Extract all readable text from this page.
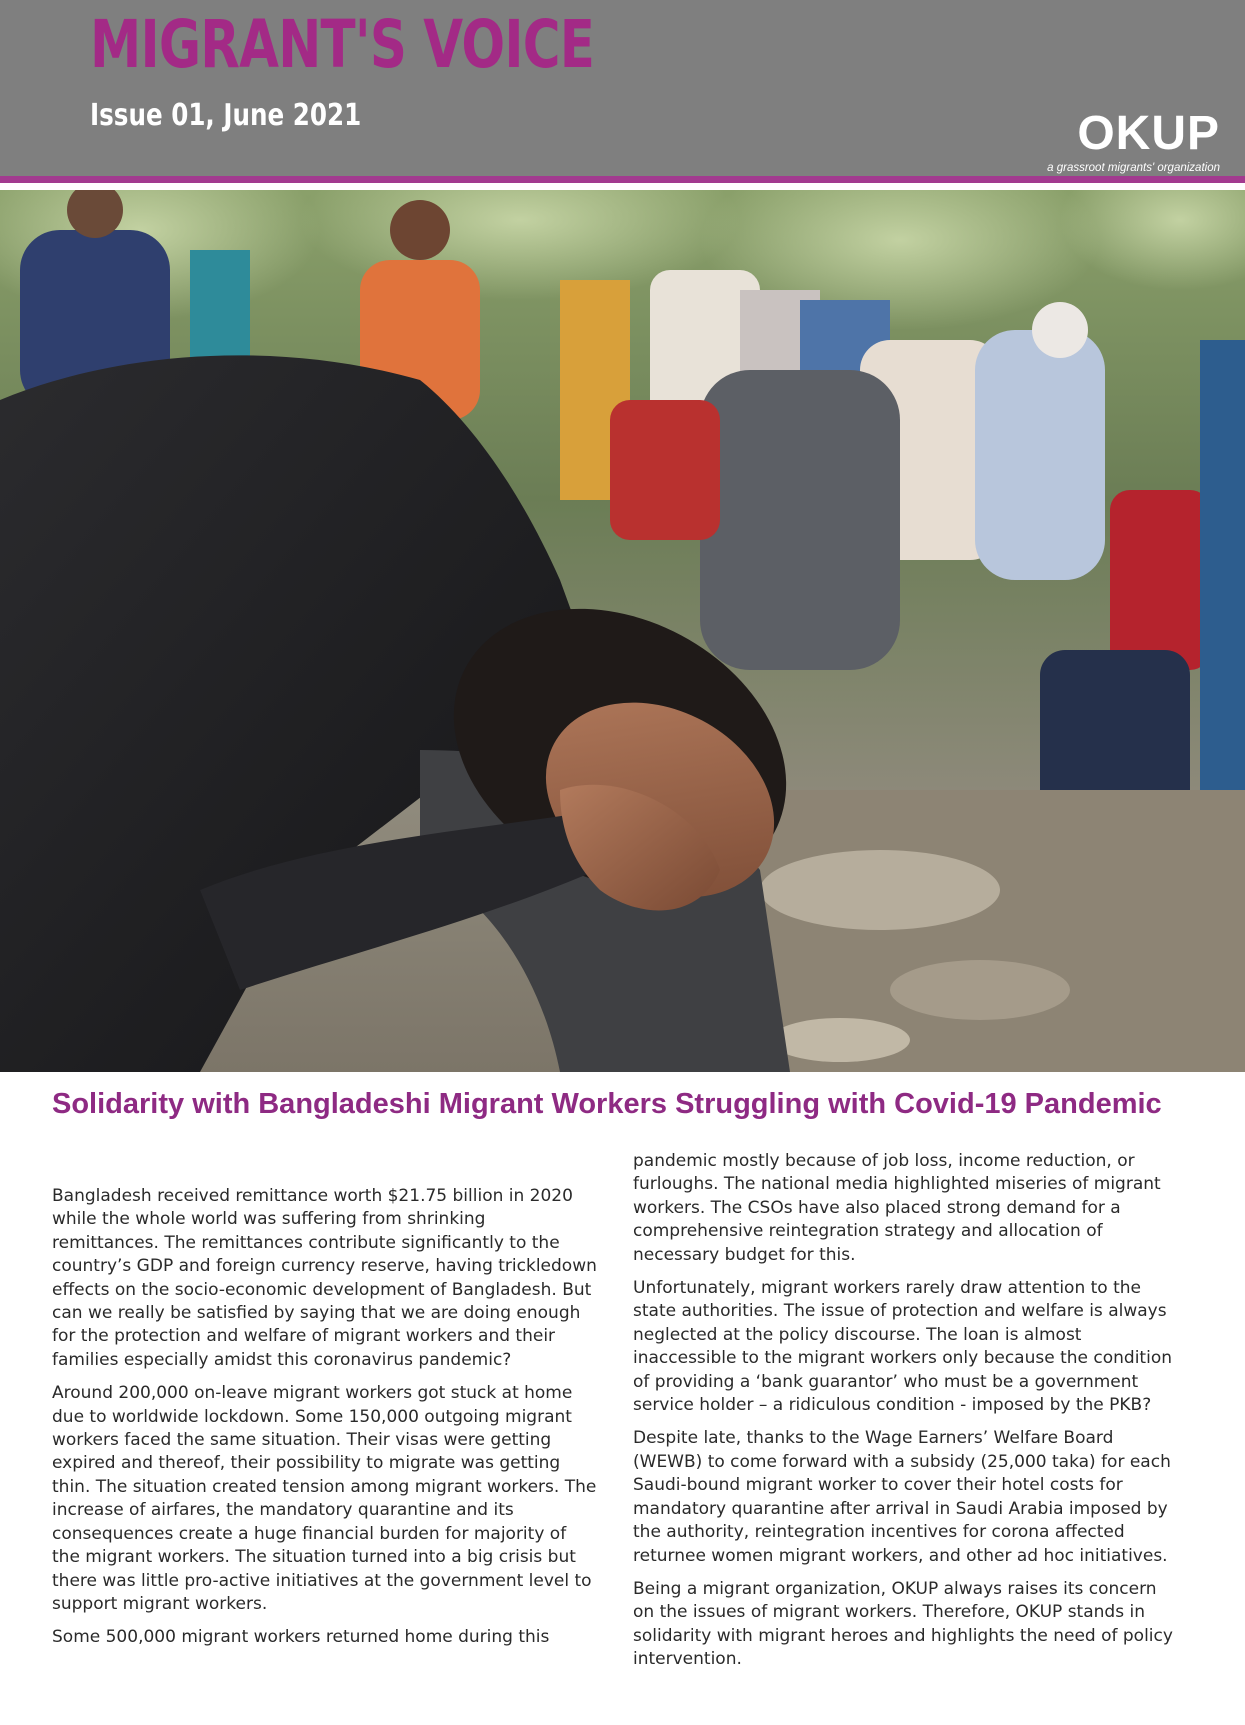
MIGRANT'S VOICE
Issue 01, June 2021	OKUP
a grassroot migrants' organization
Solidarity with Bangladeshi Migrant Workers Struggling with Covid-19 Pandemic

Bangladesh received remittance worth $21.75 billion in 2020 while the whole world was suffering from shrinking remittances. The remittances contribute significantly to the country’s GDP and foreign currency reserve, having trickledown effects on the socio-economic development of Bangladesh. But can we really be satisfied by saying that we are doing enough for the protection and welfare of migrant workers and their families especially amidst this coronavirus pandemic?

Around 200,000 on-leave migrant workers got stuck at home due to worldwide lockdown. Some 150,000 outgoing migrant workers faced the same situation. Their visas were getting expired and thereof, their possibility to migrate was getting thin. The situation created tension among migrant workers. The increase of airfares, the mandatory quarantine and its consequences create a huge financial burden for majority of the migrant workers. The situation turned into a big crisis but there was little pro-active initiatives at the government level to support migrant workers.

Some 500,000 migrant workers returned home during this

pandemic mostly because of job loss, income reduction, or furloughs. The national media highlighted miseries of migrant workers. The CSOs have also placed strong demand for a comprehensive reintegration strategy and allocation of necessary budget for this.

Unfortunately, migrant workers rarely draw attention to the state authorities. The issue of protection and welfare is always neglected at the policy discourse. The loan is almost inaccessible to the migrant workers only because the condition of providing a ‘bank guarantor’ who must be a government service holder – a ridiculous condition - imposed by the PKB?

Despite late, thanks to the Wage Earners’ Welfare Board (WEWB) to come forward with a subsidy (25,000 taka) for each Saudi-bound migrant worker to cover their hotel costs for mandatory quarantine after arrival in Saudi Arabia imposed by the authority, reintegration incentives for corona affected returnee women migrant workers, and other ad hoc initiatives.

Being a migrant organization, OKUP always raises its concern on the issues of migrant workers. Therefore, OKUP stands in solidarity with migrant heroes and highlights the need of policy intervention.
